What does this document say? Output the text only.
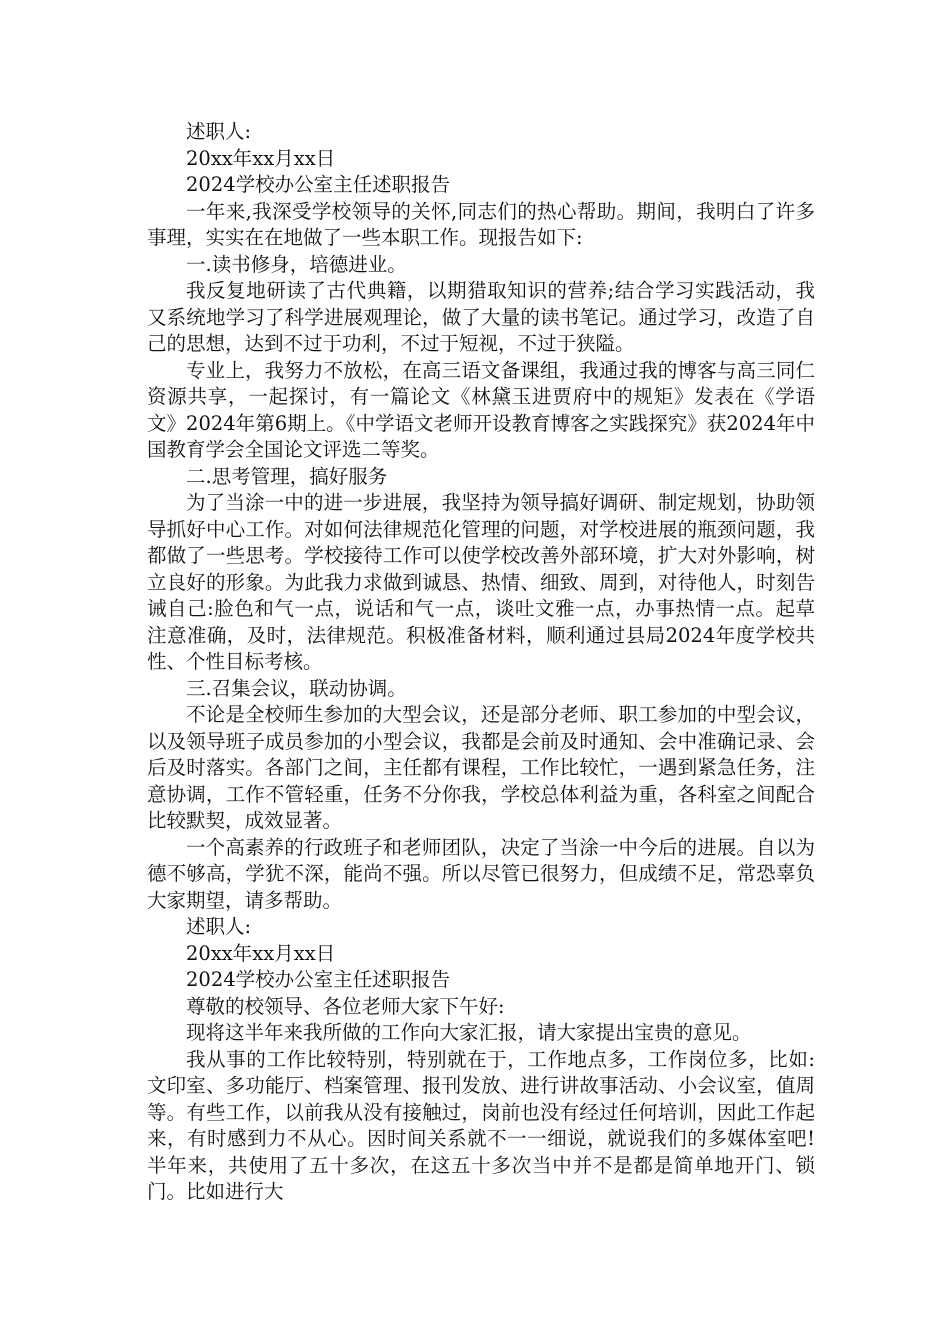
述职人:

20xx年xx月xx日

2024学校办公室主任述职报告

一年来,我深受学校领导的关怀,同志们的热心帮助。期间，我明白了许多事理，实实在在地做了一些本职工作。现报告如下:

一.读书修身，培德进业。

我反复地研读了古代典籍，以期猎取知识的营养;结合学习实践活动，我又系统地学习了科学进展观理论，做了大量的读书笔记。通过学习，改造了自己的思想，达到不过于功利，不过于短视，不过于狭隘。

专业上，我努力不放松，在高三语文备课组，我通过我的博客与高三同仁资源共享，一起探讨，有一篇论文《林黛玉进贾府中的规矩》发表在《学语文》2024年第6期上。《中学语文老师开设教育博客之实践探究》获2024年中国教育学会全国论文评选二等奖。

二.思考管理，搞好服务

为了当涂一中的进一步进展，我坚持为领导搞好调研、制定规划，协助领导抓好中心工作。对如何法律规范化管理的问题，对学校进展的瓶颈问题，我都做了一些思考。学校接待工作可以使学校改善外部环境，扩大对外影响，树立良好的形象。为此我力求做到诚恳、热情、细致、周到，对待他人，时刻告诫自己:脸色和气一点，说话和气一点，谈吐文雅一点，办事热情一点。起草注意准确，及时，法律规范。积极准备材料，顺利通过县局2024年度学校共性、个性目标考核。

三.召集会议，联动协调。

不论是全校师生参加的大型会议，还是部分老师、职工参加的中型会议，以及领导班子成员参加的小型会议，我都是会前及时通知、会中准确记录、会后及时落实。各部门之间，主任都有课程，工作比较忙，一遇到紧急任务，注意协调，工作不管轻重，任务不分你我，学校总体利益为重，各科室之间配合比较默契，成效显著。

一个高素养的行政班子和老师团队，决定了当涂一中今后的进展。自以为德不够高，学犹不深，能尚不强。所以尽管已很努力，但成绩不足，常恐辜负大家期望，请多帮助。

述职人:

20xx年xx月xx日

2024学校办公室主任述职报告

尊敬的校领导、各位老师大家下午好:

现将这半年来我所做的工作向大家汇报，请大家提出宝贵的意见。

我从事的工作比较特别，特别就在于，工作地点多，工作岗位多，比如:文印室、多功能厅、档案管理、报刊发放、进行讲故事活动、小会议室，值周等。有些工作，以前我从没有接触过，岗前也没有经过任何培训，因此工作起来，有时感到力不从心。因时间关系就不一一细说，就说我们的多媒体室吧!半年来，共使用了五十多次，在这五十多次当中并不是都是简单地开门、锁门。比如进行大
